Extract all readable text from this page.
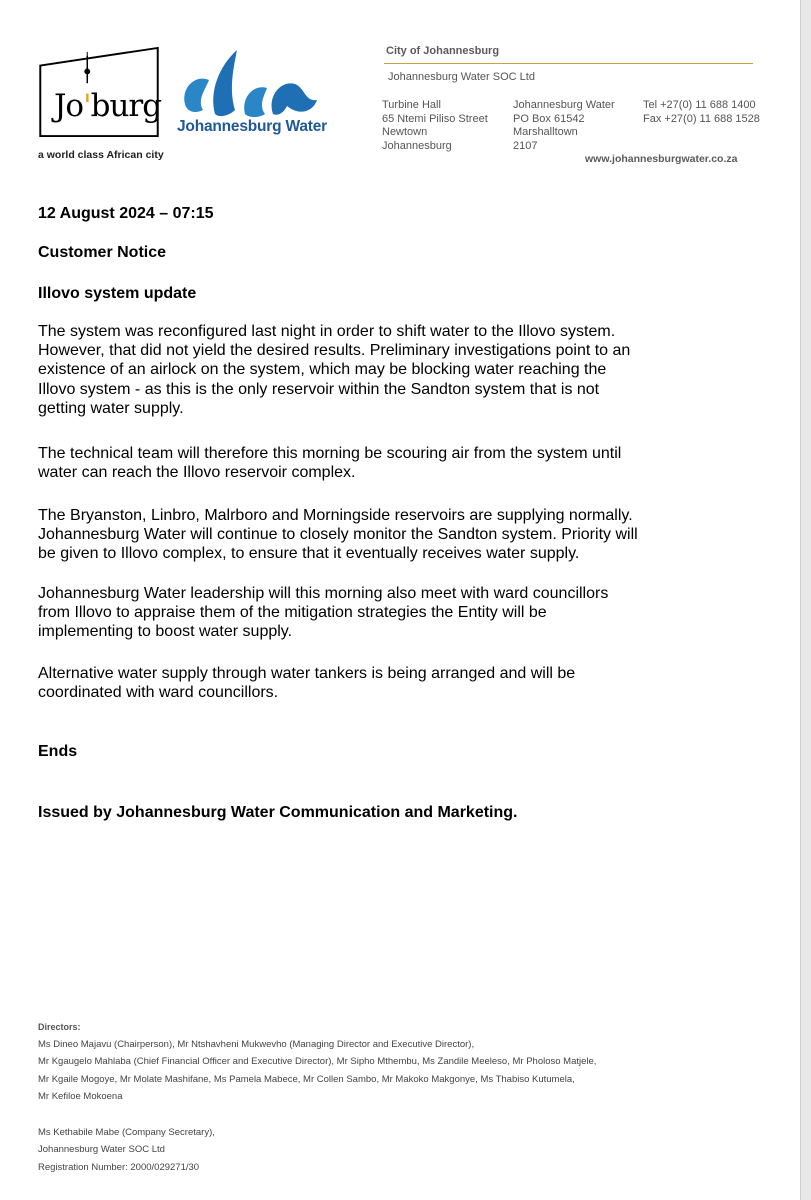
Jo'burg
a world class African city
Johannesburg Water
City of Johannesburg
Johannesburg Water SOC Ltd
Turbine Hall
65 Ntemi Piliso Street
Newtown
Johannesburg
Johannesburg Water
PO Box 61542
Marshalltown
2107
Tel +27(0) 11 688 1400
Fax +27(0) 11 688 1528
www.johannesburgwater.co.za
12 August 2024 – 07:15
Customer Notice
Illovo system update
The system was reconfigured last night in order to shift water to the Illovo system.
However, that did not yield the desired results. Preliminary investigations point to an
existence of an airlock on the system, which may be blocking water reaching the
Illovo system - as this is the only reservoir within the Sandton system that is not
getting water supply.
The technical team will therefore this morning be scouring air from the system until
water can reach the Illovo reservoir complex.
The Bryanston, Linbro, Malrboro and Morningside reservoirs are supplying normally.
Johannesburg Water will continue to closely monitor the Sandton system. Priority will
be given to Illovo complex, to ensure that it eventually receives water supply.
Johannesburg Water leadership will this morning also meet with ward councillors
from Illovo to appraise them of the mitigation strategies the Entity will be
implementing to boost water supply.
Alternative water supply through water tankers is being arranged and will be
coordinated with ward councillors.
Ends
Issued by Johannesburg Water Communication and Marketing.
Directors:
Ms Dineo Majavu (Chairperson), Mr Ntshavheni Mukwevho (Managing Director and Executive Director),
Mr Kgaugelo Mahlaba (Chief Financial Officer and Executive Director), Mr Sipho Mthembu, Ms Zandile Meeleso, Mr Pholoso Matjele,
Mr Kgaile Mogoye, Mr Molate Mashifane, Ms Pamela Mabece, Mr Collen Sambo, Mr Makoko Makgonye, Ms Thabiso Kutumela,
Mr Kefiloe Mokoena
Ms Kethabile Mabe (Company Secretary),
Johannesburg Water SOC Ltd
Registration Number: 2000/029271/30
